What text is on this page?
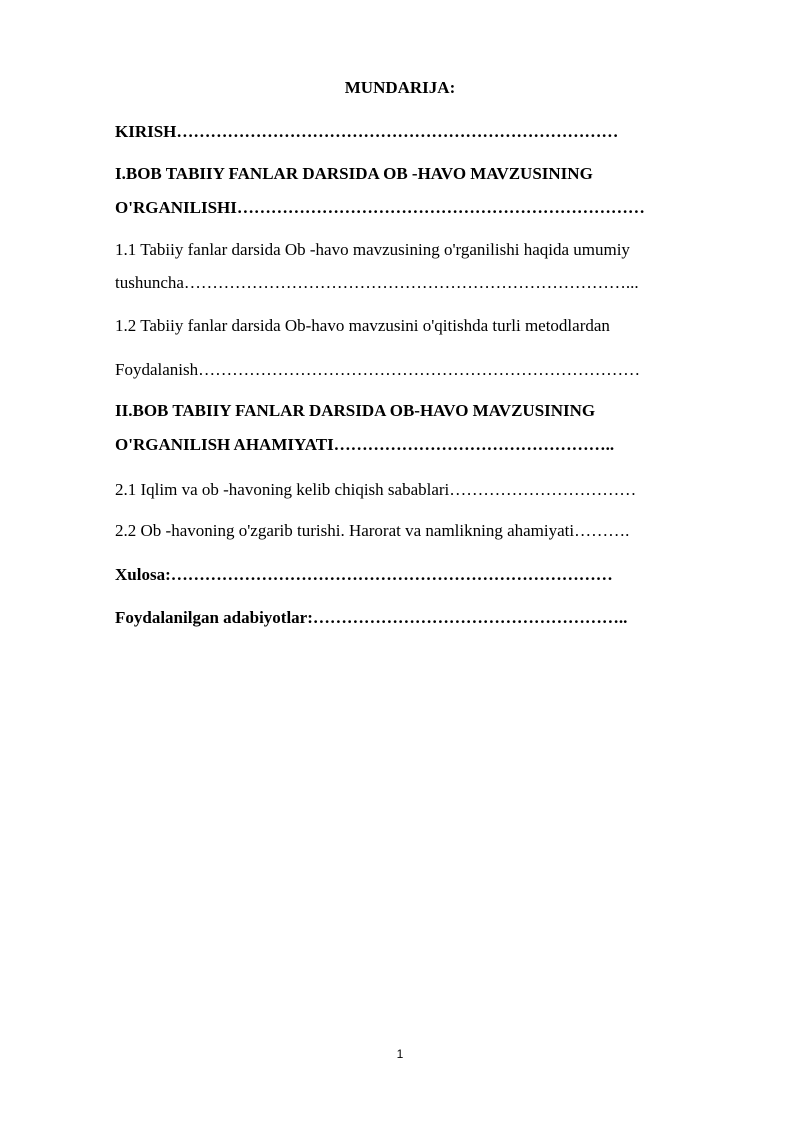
MUNDARIJA:
KIRISH……………………………………………………………………
I.BOB TABIIY FANLAR DARSIDA OB -HAVO MAVZUSINING
O'RGANILISHI………………………………………………………………
1.1 Tabiiy fanlar darsida Ob -havo mavzusining o'rganilishi haqida umumiy
tushuncha……………………………………………………………………...
1.2 Tabiiy fanlar darsida Ob-havo mavzusini o'qitishda turli metodlardan
Foydalanish……………………………………………………………………
II.BOB TABIIY FANLAR DARSIDA OB-HAVO MAVZUSINING
O'RGANILISH AHAMIYATI…………………………………………..
2.1 Iqlim va ob -havoning kelib chiqish sabablari……………………………
2.2 Ob -havoning o'zgarib turishi. Harorat va namlikning ahamiyati……….
Xulosa:……………………………………………………………………
Foydalanilgan adabiyotlar:………………………………………………..
1
